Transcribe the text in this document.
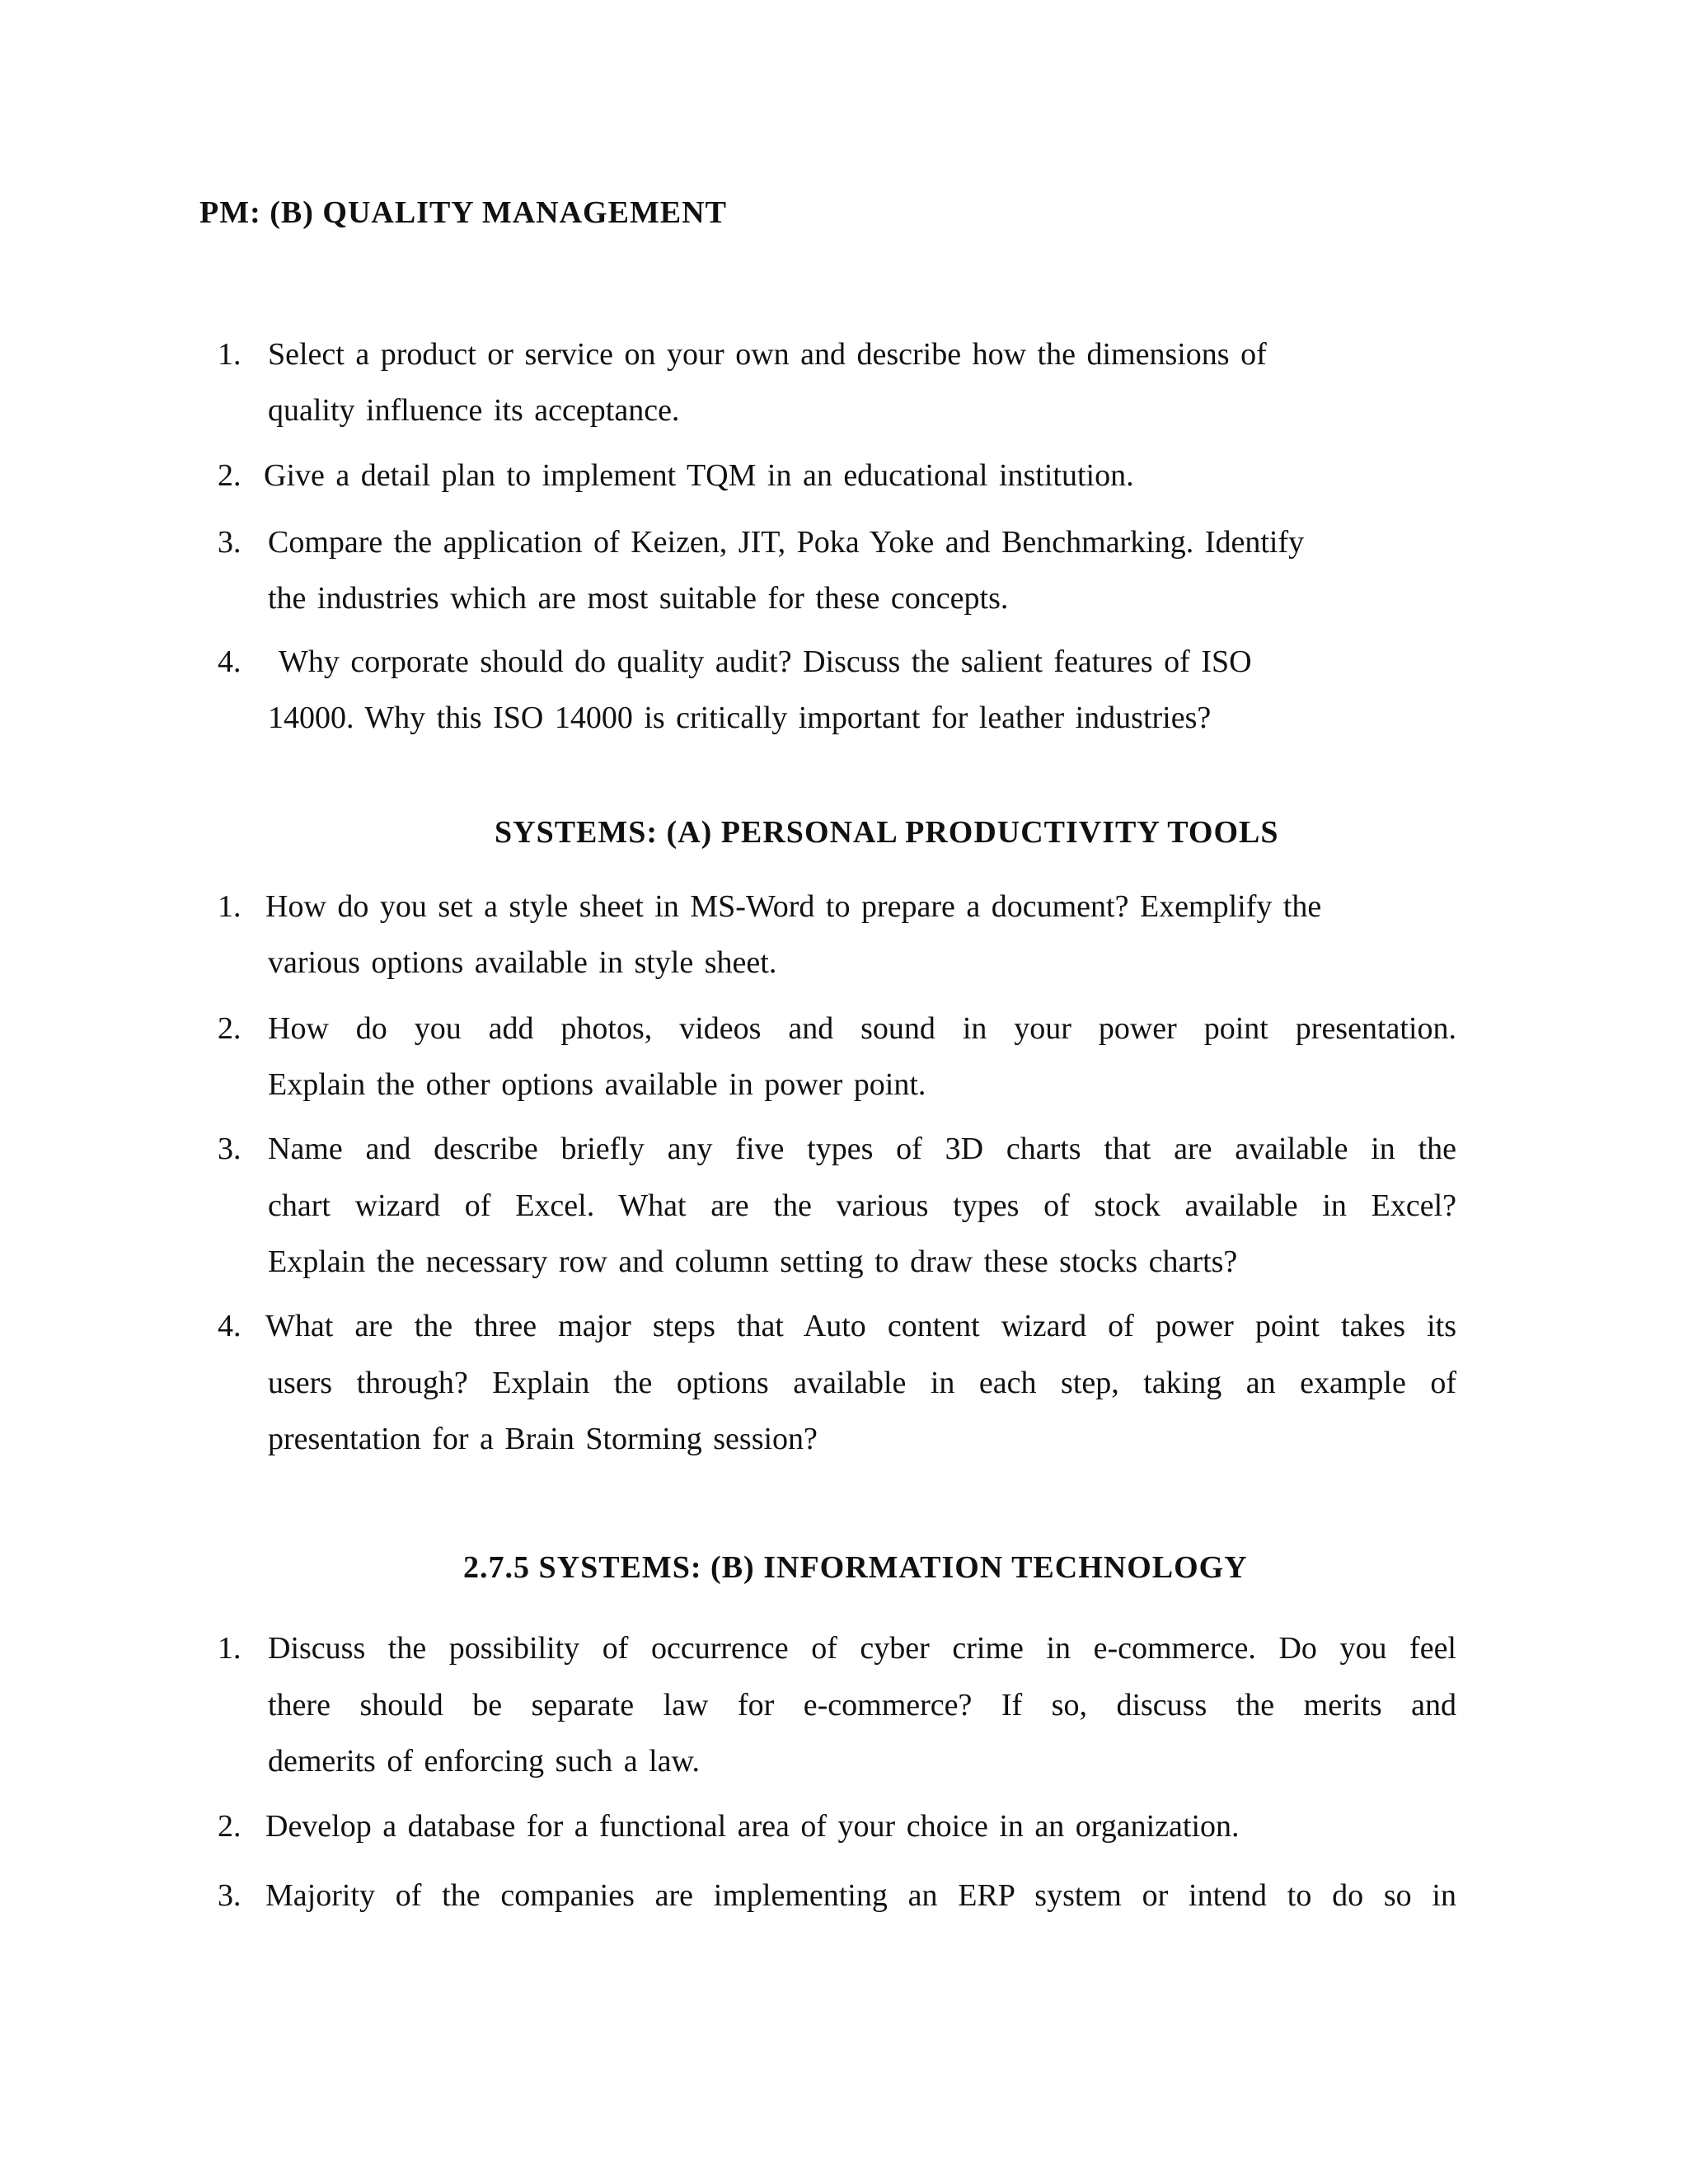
PM: (B) QUALITY MANAGEMENT
1. Select a product or service on your own and describe how the dimensions of
quality influence its acceptance.
2. Give a detail plan to implement TQM in an educational institution.
3. Compare the application of Keizen, JIT, Poka Yoke and Benchmarking. Identify
the industries which are most suitable for these concepts.
4. Why corporate should do quality audit? Discuss the salient features of ISO
14000. Why this ISO 14000 is critically important for leather industries?
SYSTEMS: (A) PERSONAL PRODUCTIVITY TOOLS
1. How do you set a style sheet in MS-Word to prepare a document? Exemplify the
various options available in style sheet.
2. How do you add photos, videos and sound in your power point presentation.
Explain the other options available in power point.
3. Name and describe briefly any five types of 3D charts that are available in the
chart wizard of Excel. What are the various types of stock available in Excel?
Explain the necessary row and column setting to draw these stocks charts?
4. What are the three major steps that Auto content wizard of power point takes its
users through? Explain the options available in each step, taking an example of
presentation for a Brain Storming session?
2.7.5 SYSTEMS: (B) INFORMATION TECHNOLOGY
1. Discuss the possibility of occurrence of cyber crime in e-commerce. Do you feel
there should be separate law for e-commerce? If so, discuss the merits and
demerits of enforcing such a law.
2. Develop a database for a functional area of your choice in an organization.
3. Majority of the companies are implementing an ERP system or intend to do so in
